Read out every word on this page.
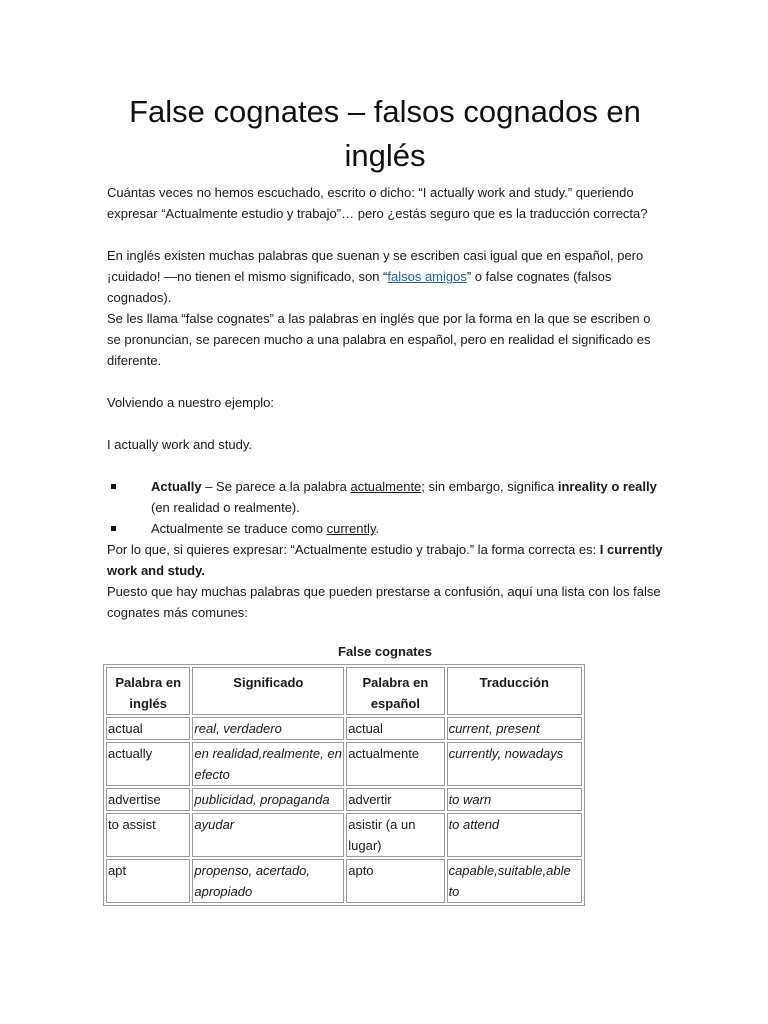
False cognates – falsos cognados en inglés

Cuántas veces no hemos escuchado, escrito o dicho: “I actually work and study.” queriendo expresar “Actualmente estudio y trabajo”… pero ¿estás seguro que es la traducción correcta?

En inglés existen muchas palabras que suenan y se escriben casi igual que en español, pero ¡cuidado! —no tienen el mismo significado, son “falsos amigos” o false cognates (falsos cognados).

Se les llama “false cognates” a las palabras en inglés que por la forma en la que se escriben o se pronuncian, se parecen mucho a una palabra en español, pero en realidad el significado es diferente.

Volviendo a nuestro ejemplo:

I actually work and study.

Actually – Se parece a la palabra actualmente; sin embargo, significa inreality o really (en realidad o realmente).
Actualmente se traduce como currently.

Por lo que, si quieres expresar: “Actualmente estudio y trabajo.” la forma correcta es: I currently work and study.

Puesto que hay muchas palabras que pueden prestarse a confusión, aquí una lista con los false cognates más comunes:

False cognates
Palabra en inglés	Significado	Palabra en español	Traducción
actual	real, verdadero	actual	current, present
actually	en realidad,realmente, en efecto	actualmente	currently, nowadays
advertise	publicidad, propaganda	advertir	to warn
to assist	ayudar	asistir (a un lugar)	to attend
apt	propenso, acertado, apropiado	apto	capable,suitable,able to
